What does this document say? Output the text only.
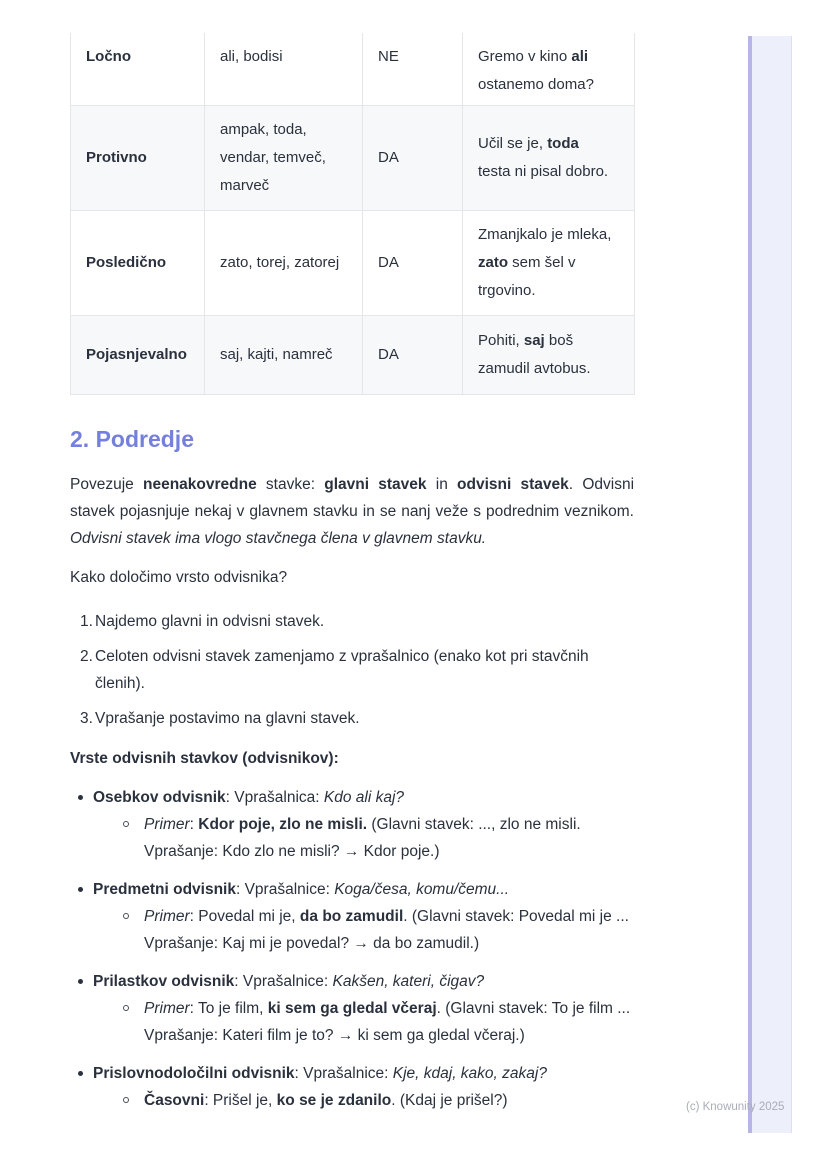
(c) Knowunity 2025
Ločno	ali, bodisi	NE	Gremo v kino ali
ostanemo doma?
Protivno	ampak, toda,
vendar, temveč,
marveč	DA	Učil se je, toda
testa ni pisal dobro.
Posledično	zato, torej, zatorej	DA	Zmanjkalo je mleka,
zato sem šel v
trgovino.
Pojasnjevalno	saj, kajti, namreč	DA	Pohiti, saj boš
zamudil avtobus.
2. Podredje

Povezuje neenakovredne stavke: glavni stavek in odvisni stavek. Odvisni stavek pojasnjuje nekaj v glavnem stavku in se nanj veže s podrednim veznikom. Odvisni stavek ima vlogo stavčnega člena v glavnem stavku.

Kako določimo vrsto odvisnika?

1. Najdemo glavni in odvisni stavek.
2. Celoten odvisni stavek zamenjamo z vprašalnico (enako kot pri stavčnih
členih).
3. Vprašanje postavimo na glavni stavek.

Vrste odvisnih stavkov (odvisnikov):

Osebkov odvisnik: Vprašalnica: Kdo ali kaj?
Primer: Kdor poje, zlo ne misli. (Glavni stavek: ..., zlo ne misli.
Vprašanje: Kdo zlo ne misli? → Kdor poje.)
Predmetni odvisnik: Vprašalnice: Koga/česa, komu/čemu...
Primer: Povedal mi je, da bo zamudil. (Glavni stavek: Povedal mi je ...
Vprašanje: Kaj mi je povedal? → da bo zamudil.)
Prilastkov odvisnik: Vprašalnice: Kakšen, kateri, čigav?
Primer: To je film, ki sem ga gledal včeraj. (Glavni stavek: To je film ...
Vprašanje: Kateri film je to? → ki sem ga gledal včeraj.)
Prislovnodoločilni odvisnik: Vprašalnice: Kje, kdaj, kako, zakaj?
Časovni: Prišel je, ko se je zdanilo. (Kdaj je prišel?)
